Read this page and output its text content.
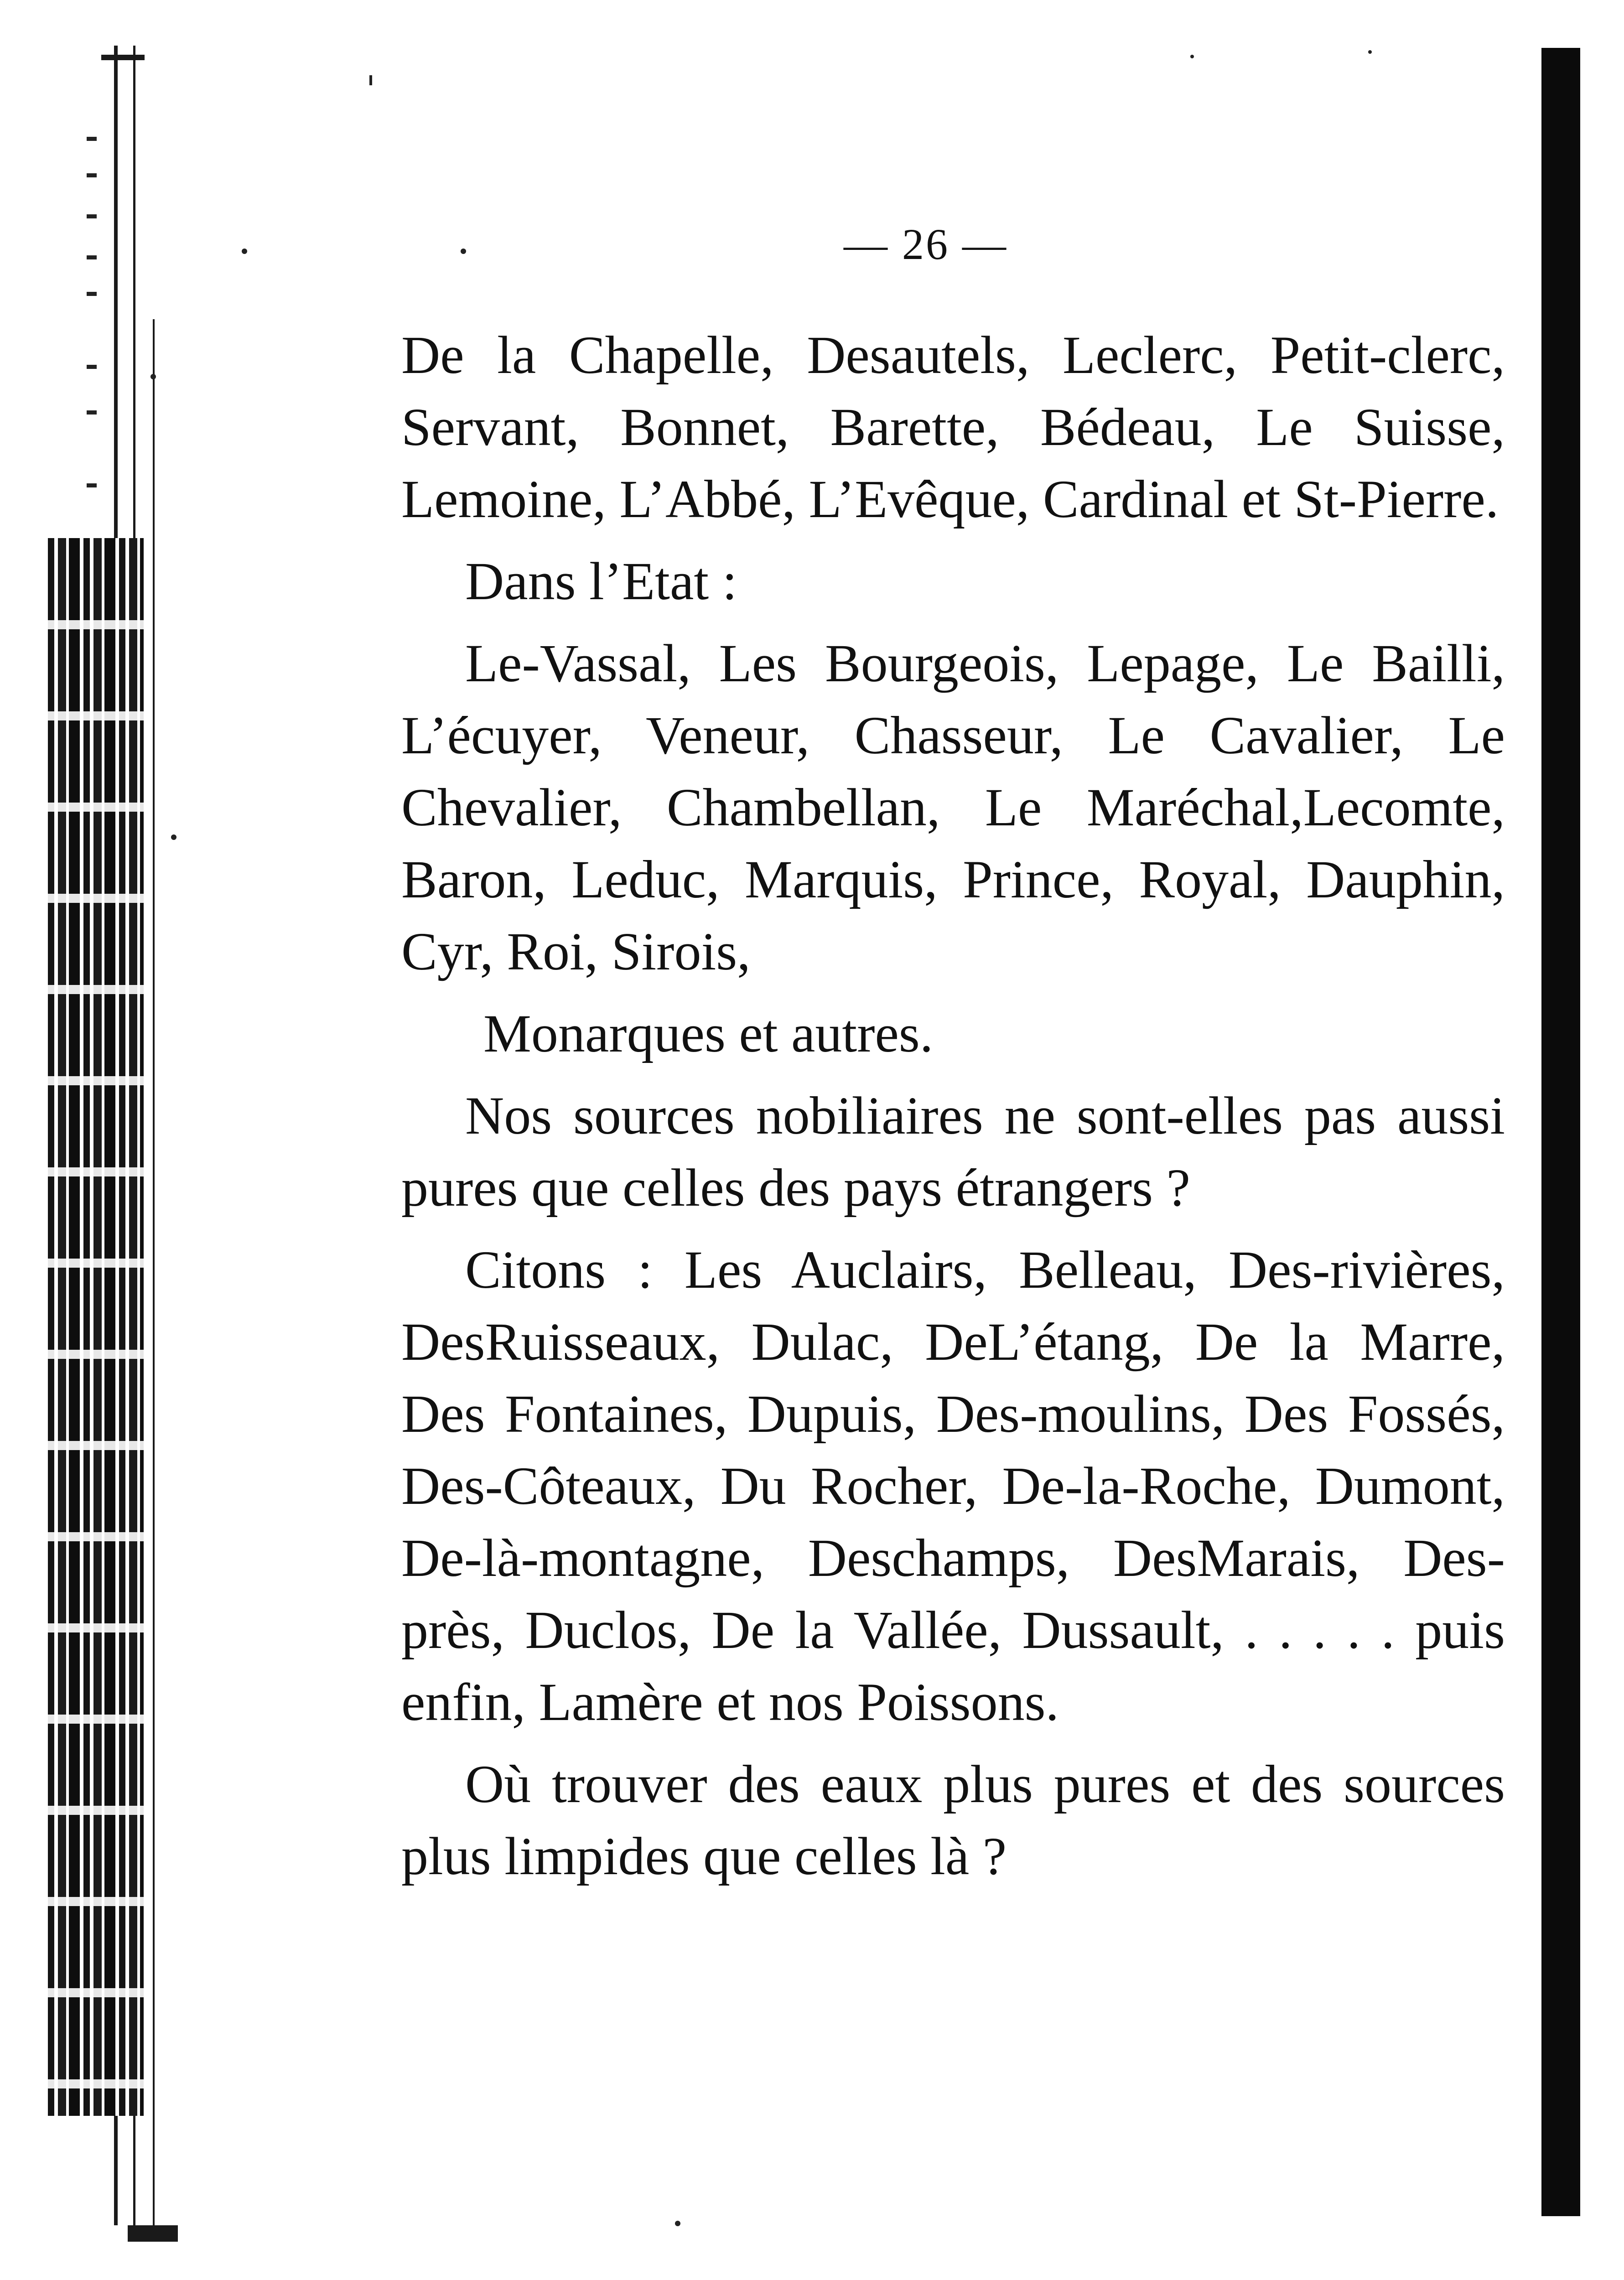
— 26 —

De la Chapelle, Desautels, Leclerc, Petit-clerc, Servant, Bonnet, Barette, Bédeau, Le Suisse, Lemoine, L’Abbé, L’Evêque, Cardinal et St-Pierre.

Dans l’Etat :

Le-Vassal, Les Bourgeois, Lepage, Le Bailli, L’écuyer, Veneur, Chasseur, Le Cavalier, Le Chevalier, Chambellan, Le Maréchal,Lecomte, Baron, Leduc, Marquis, Prince, Royal, Dauphin, Cyr, Roi, Sirois,

Monarques et autres.

Nos sources nobiliaires ne sont-elles pas aussi pures que celles des pays étrangers ?

Citons : Les Auclairs, Belleau, Des-rivières, DesRuisseaux, Dulac, DeL’étang, De la Marre, Des Fontaines, Dupuis, Des-moulins, Des Fossés, Des-Côteaux, Du Rocher, De-la-Roche, Dumont, De-là-montagne, Deschamps, DesMarais, Des-près, Duclos, De la Vallée, Dussault, . . . . . puis enfin, Lamère et nos Poissons.

Où trouver des eaux plus pures et des sources plus limpides que celles là ?
